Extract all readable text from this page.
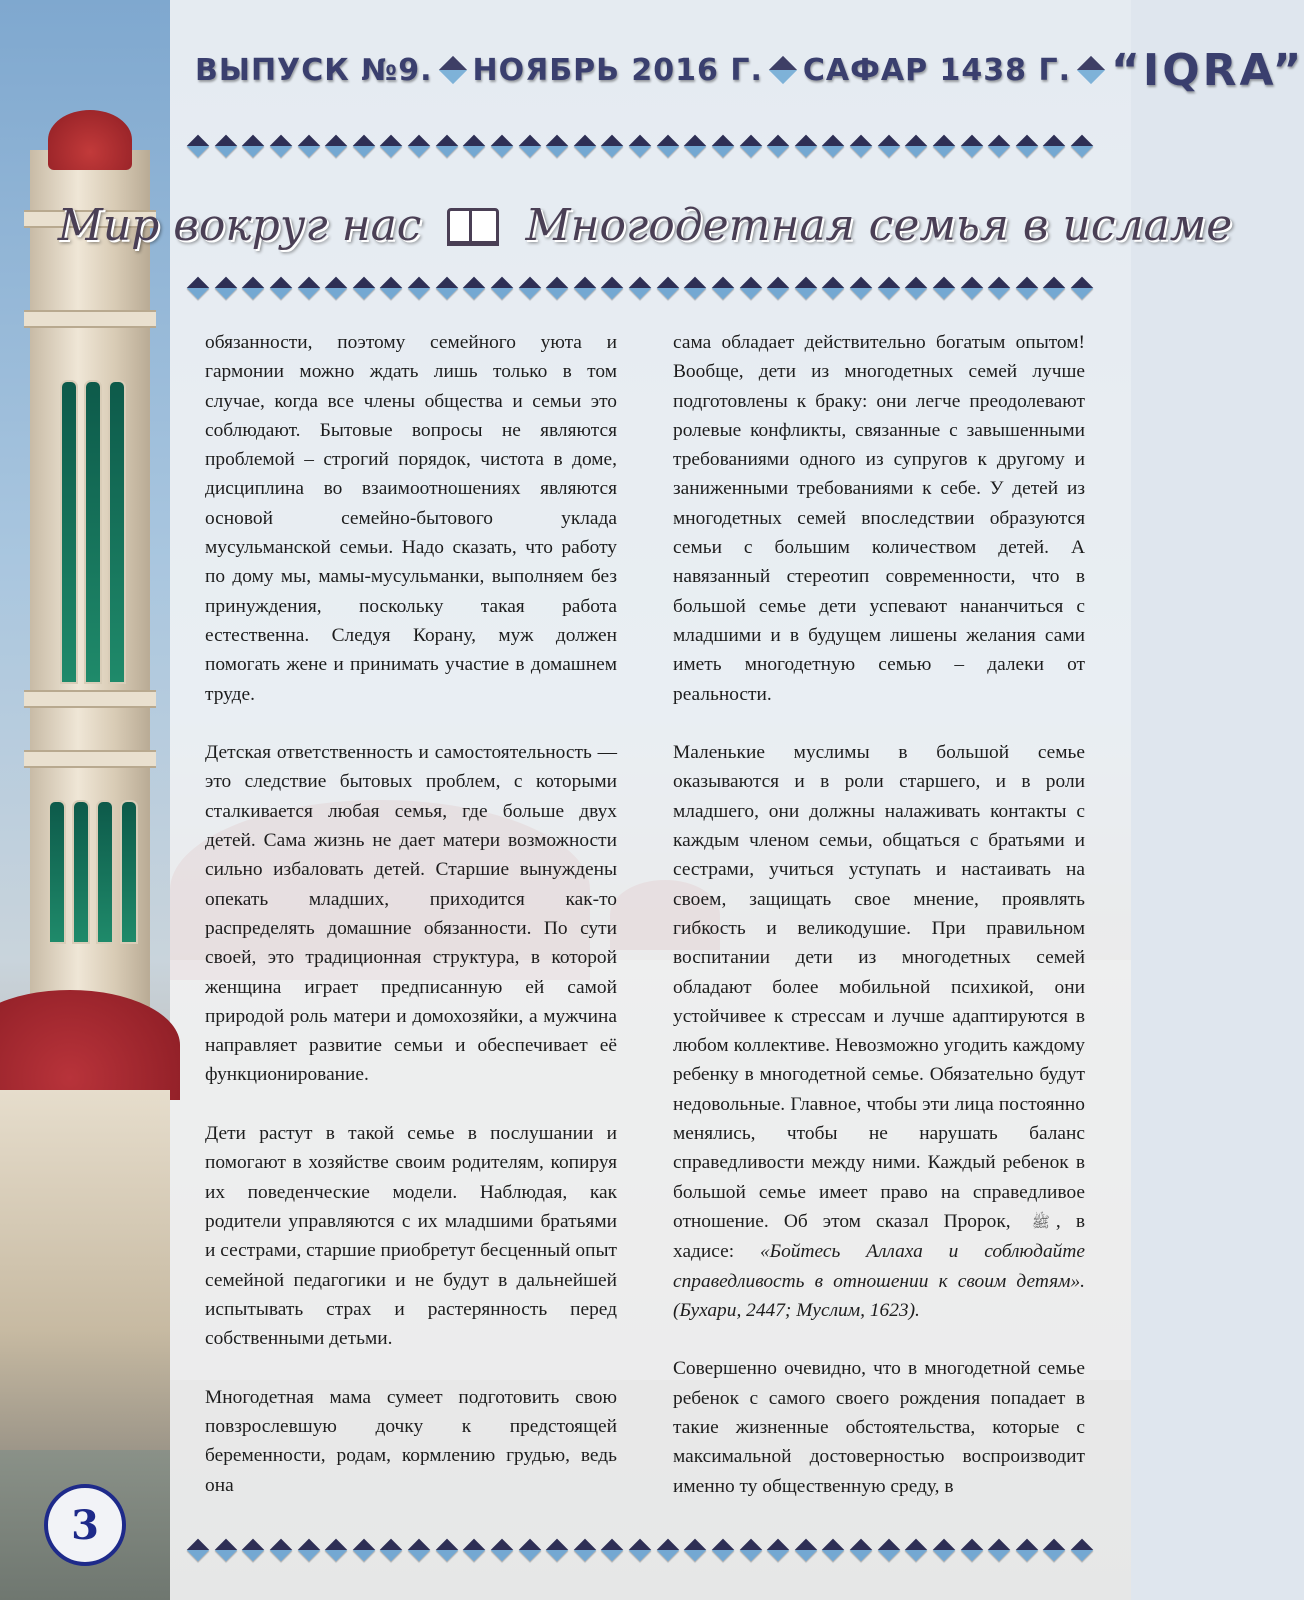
ВЫПУСК №9. НОЯБРЬ 2016 Г. САФАР 1438 Г. “IQRA”
Мир вокруг нас Многодетная семья в исламе

обязанности, поэтому семейного уюта и гармонии можно ждать лишь только в том случае, когда все члены общества и семьи это соблюдают. Бытовые вопросы не являются проблемой – строгий порядок, чистота в доме, дисциплина во взаимоотношениях являются основой семейно-бытового уклада мусульманской семьи. Надо сказать, что работу по дому мы, мамы-мусульманки, выполняем без принуждения, поскольку такая работа естественна. Следуя Корану, муж должен помогать жене и принимать участие в домашнем труде.

Детская ответственность и самостоятельность — это следствие бытовых проблем, с которыми сталкивается любая семья, где больше двух детей. Сама жизнь не дает матери возможности сильно избаловать детей. Старшие вынуждены опекать младших, приходится как-то распределять домашние обязанности. По сути своей, это традиционная структура, в которой женщина играет предписанную ей самой природой роль матери и домохозяйки, а мужчина направляет развитие семьи и обеспечивает её функционирование.

Дети растут в такой семье в послушании и помогают в хозяйстве своим родителям, копируя их поведенческие модели. Наблюдая, как родители управляются с их младшими братьями и сестрами, старшие приобретут бесценный опыт семейной педагогики и не будут в дальнейшей испытывать страх и растерянность перед собственными детьми.

Многодетная мама сумеет подготовить свою повзрослевшую дочку к предстоящей беременности, родам, кормлению грудью, ведь она

сама обладает действительно богатым опытом! Вообще, дети из многодетных семей лучше подготовлены к браку: они легче преодолевают ролевые конфликты, связанные с завышенными требованиями одного из супругов к другому и заниженными требованиями к себе. У детей из многодетных семей впоследствии образуются семьи с большим количеством детей. А навязанный стереотип современности, что в большой семье дети успевают нананчиться с младшими и в будущем лишены желания сами иметь многодетную семью – далеки от реальности.

Маленькие муслимы в большой семье оказываются и в роли старшего, и в роли младшего, они должны налаживать контакты с каждым членом семьи, общаться с братьями и сестрами, учиться уступать и настаивать на своем, защищать свое мнение, проявлять гибкость и великодушие. При правильном воспитании дети из многодетных семей обладают более мобильной психикой, они устойчивее к стрессам и лучше адаптируются в любом коллективе. Невозможно угодить каждому ребенку в многодетной семье. Обязательно будут недовольные. Главное, чтобы эти лица постоянно менялись, чтобы не нарушать баланс справедливости между ними. Каждый ребенок в большой семье имеет право на справедливое отношение. Об этом сказал Пророк, ﷺ , в хадисе: «Бойтесь Аллаха и соблюдайте справедливость в отношении к своим детям». (Бухари, 2447; Муслим, 1623).

Совершенно очевидно, что в многодетной семье ребенок с самого своего рождения попадает в такие жизненные обстоятельства, которые с максимальной достоверностью воспроизводит именно ту общественную среду, в

3
